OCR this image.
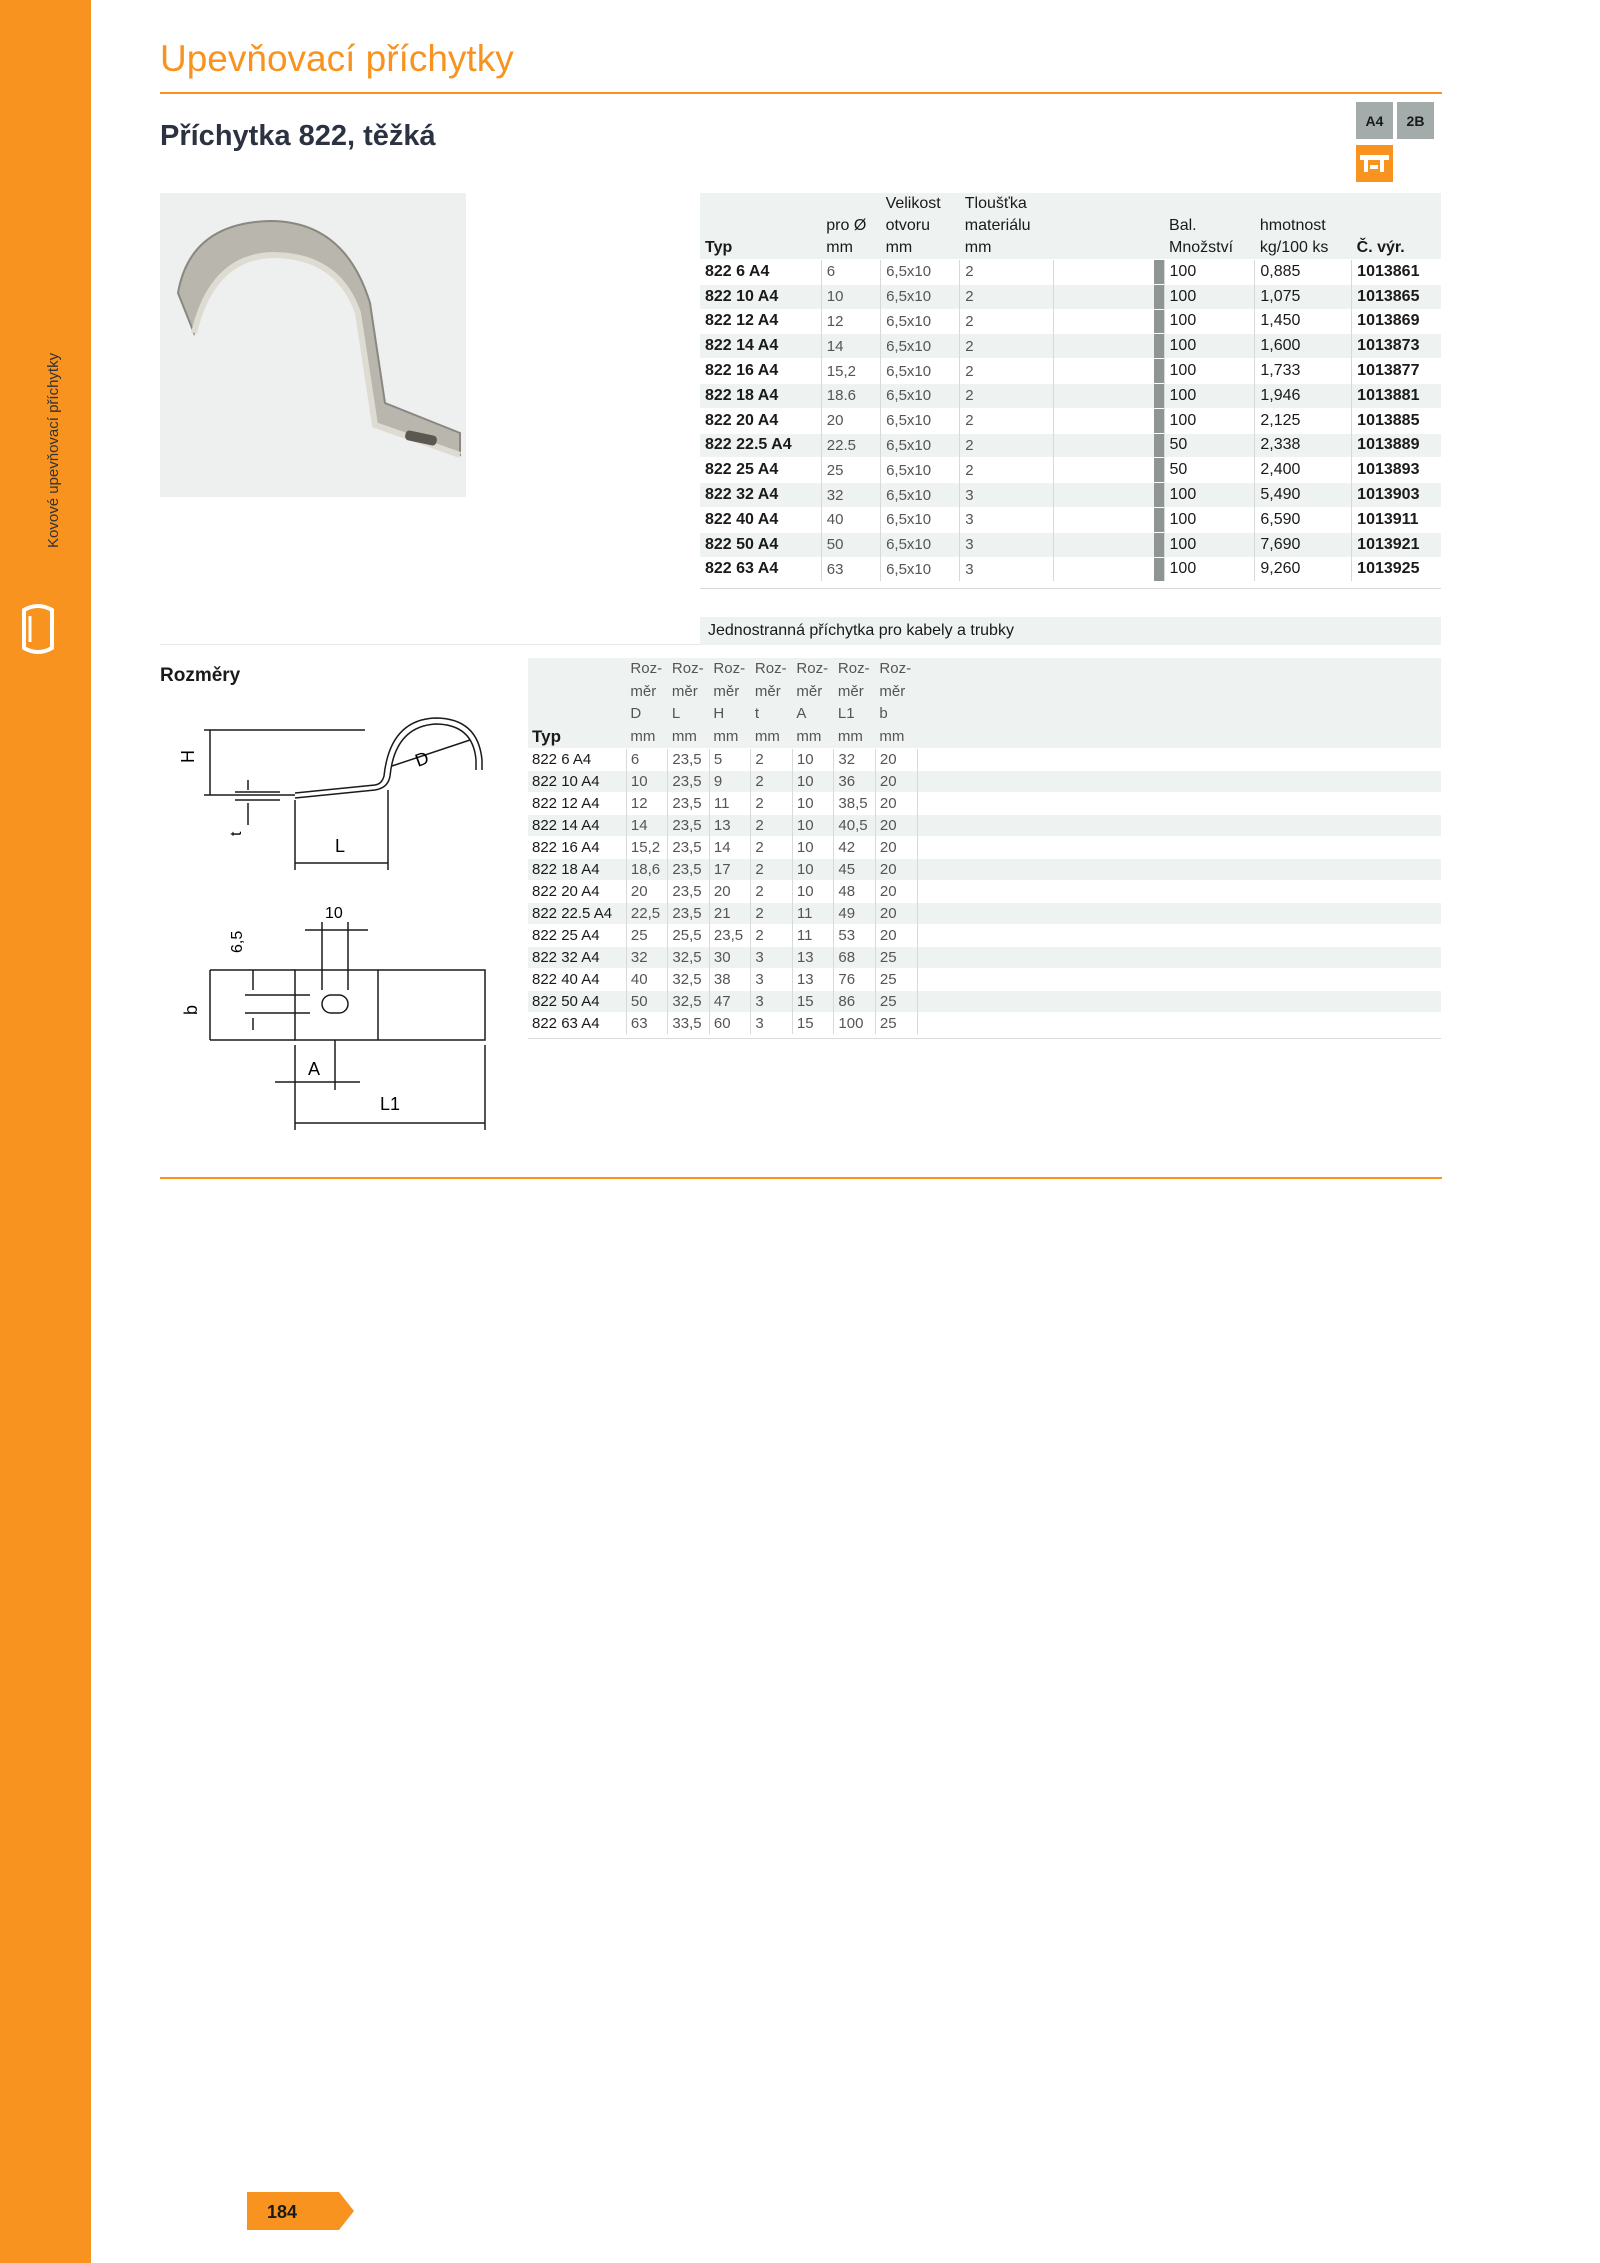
Kovové upevňovací příchytky
Upevňovací příchytky
Příchytka 822, těžká	A4	2B
		Velikost	Tloušťka					
	pro Ø	otvoru	materiálu			Bal.	hmotnost	
Typ	mm	mm	mm			Množství	kg/100 ks	Č. výr.
822 6 A4	6	6,5x10	2			100	0,885	1013861
822 10 A4	10	6,5x10	2			100	1,075	1013865
822 12 A4	12	6,5x10	2			100	1,450	1013869
822 14 A4	14	6,5x10	2			100	1,600	1013873
822 16 A4	15,2	6,5x10	2			100	1,733	1013877
822 18 A4	18.6	6,5x10	2			100	1,946	1013881
822 20 A4	20	6,5x10	2			100	2,125	1013885
822 22.5 A4	22.5	6,5x10	2			50	2,338	1013889
822 25 A4	25	6,5x10	2			50	2,400	1013893
822 32 A4	32	6,5x10	3			100	5,490	1013903
822 40 A4	40	6,5x10	3			100	6,590	1013911
822 50 A4	50	6,5x10	3			100	7,690	1013921
822 63 A4	63	6,5x10	3			100	9,260	1013925
Jednostranná příchytka pro kabely a trubky
Rozměry
H	D
t
L
10
6,5
b
A
L1
	Roz-	Roz-	Roz-	Roz-	Roz-	Roz-	Roz-	
	měr	měr	měr	měr	měr	měr	měr	
	D	L	H	t	A	L1	b	
Typ	mm	mm	mm	mm	mm	mm	mm	
822 6 A4	6	23,5	5	2	10	32	20	
822 10 A4	10	23,5	9	2	10	36	20	
822 12 A4	12	23,5	11	2	10	38,5	20	
822 14 A4	14	23,5	13	2	10	40,5	20	
822 16 A4	15,2	23,5	14	2	10	42	20	
822 18 A4	18,6	23,5	17	2	10	45	20	
822 20 A4	20	23,5	20	2	10	48	20	
822 22.5 A4	22,5	23,5	21	2	11	49	20	
822 25 A4	25	25,5	23,5	2	11	53	20	
822 32 A4	32	32,5	30	3	13	68	25	
822 40 A4	40	32,5	38	3	13	76	25	
822 50 A4	50	32,5	47	3	15	86	25	
822 63 A4	63	33,5	60	3	15	100	25	
OBO	184
